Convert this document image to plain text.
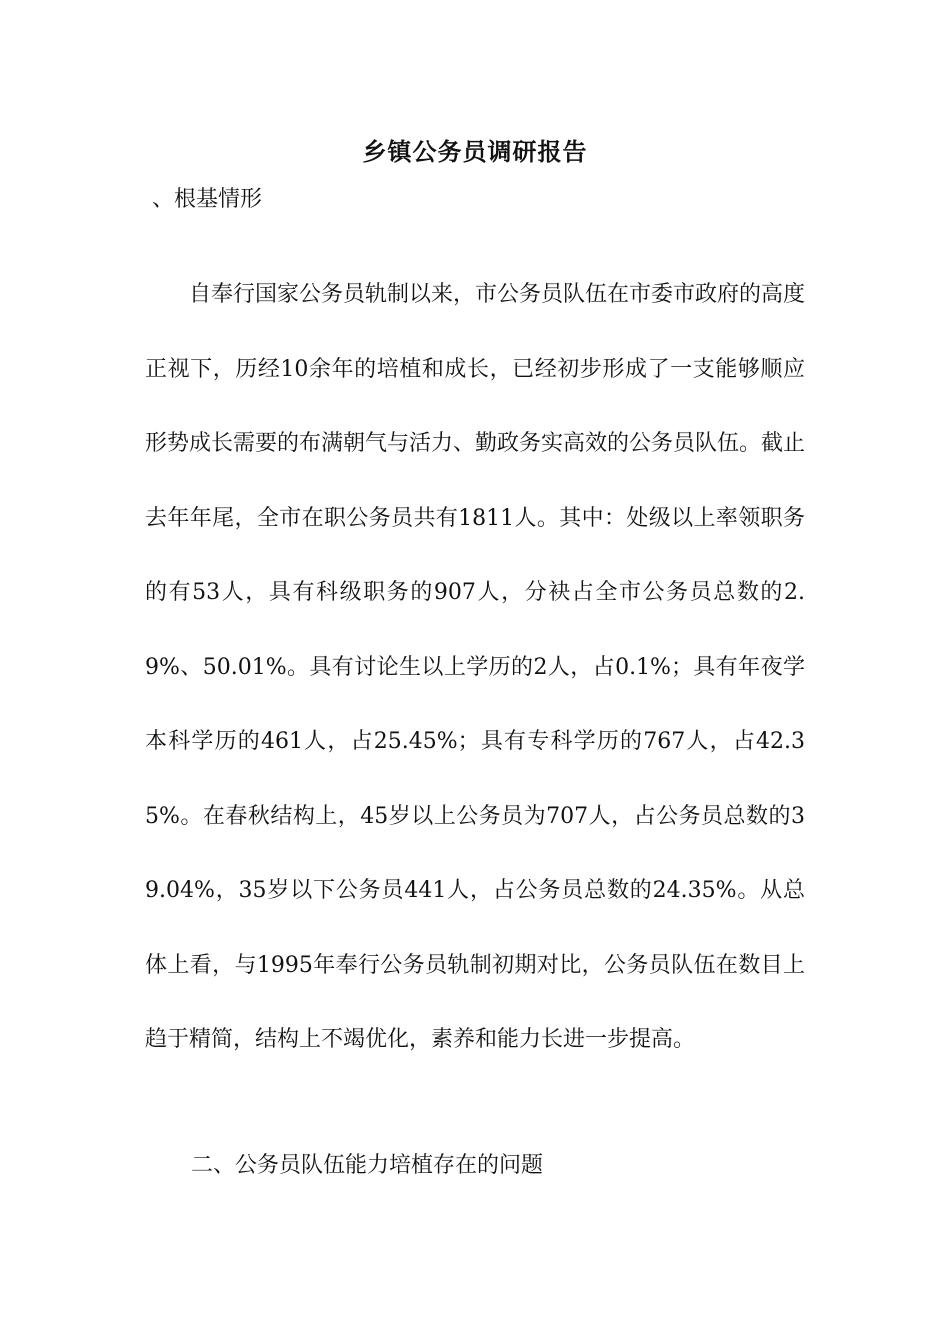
乡镇公务员调研报告

、根基情形

自奉行国家公务员轨制以来，市公务员队伍在市委市政府的高度正视下，历经10余年的培植和成长，已经初步形成了一支能够顺应形势成长需要的布满朝气与活力、勤政务实高效的公务员队伍。截止去年年尾，全市在职公务员共有1811人。其中：处级以上率领职务的有53人，具有科级职务的907人，分袂占全市公务员总数的2.9%、50.01%。具有讨论生以上学历的2人，占0.1%；具有年夜学本科学历的461人，占25.45%；具有专科学历的767人，占42.35%。在春秋结构上，45岁以上公务员为707人，占公务员总数的39.04%，35岁以下公务员441人，占公务员总数的24.35%。从总体上看，与1995年奉行公务员轨制初期对比，公务员队伍在数目上趋于精简，结构上不竭优化，素养和能力长进一步提高。

二、公务员队伍能力培植存在的问题
